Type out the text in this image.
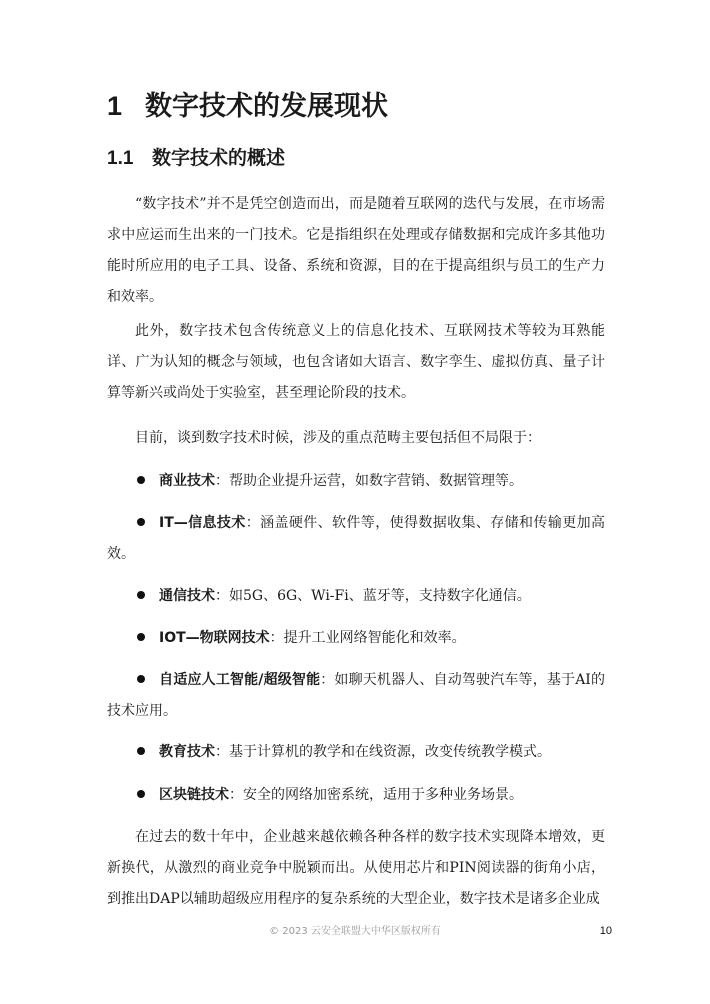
1 数字技术的发展现状
1.1 数字技术的概述

“数字技术”并不是凭空创造而出，而是随着互联网的迭代与发展，在市场需求中应运而生出来的一门技术。它是指组织在处理或存储数据和完成许多其他功能时所应用的电子工具、设备、系统和资源，目的在于提高组织与员工的生产力和效率。

此外，数字技术包含传统意义上的信息化技术、互联网技术等较为耳熟能详、广为认知的概念与领域，也包含诸如大语言、数字孪生、虚拟仿真、量子计算等新兴或尚处于实验室，甚至理论阶段的技术。

目前，谈到数字技术时候，涉及的重点范畴主要包括但不局限于：

商业技术：帮助企业提升运营，如数字营销、数据管理等。

IT—信息技术：涵盖硬件、软件等，使得数据收集、存储和传输更加高效。

通信技术：如5G、6G、Wi-Fi、蓝牙等，支持数字化通信。

IOT—物联网技术：提升工业网络智能化和效率。

自适应人工智能/超级智能：如聊天机器人、自动驾驶汽车等，基于AI的技术应用。

教育技术：基于计算机的教学和在线资源，改变传统教学模式。

区块链技术：安全的网络加密系统，适用于多种业务场景。

在过去的数十年中，企业越来越依赖各种各样的数字技术实现降本增效，更新换代，从激烈的商业竞争中脱颖而出。从使用芯片和PIN阅读器的街角小店，到推出DAP以辅助超级应用程序的复杂系统的大型企业，数字技术是诸多企业成

© 2023 云安全联盟大中华区版权所有	10
